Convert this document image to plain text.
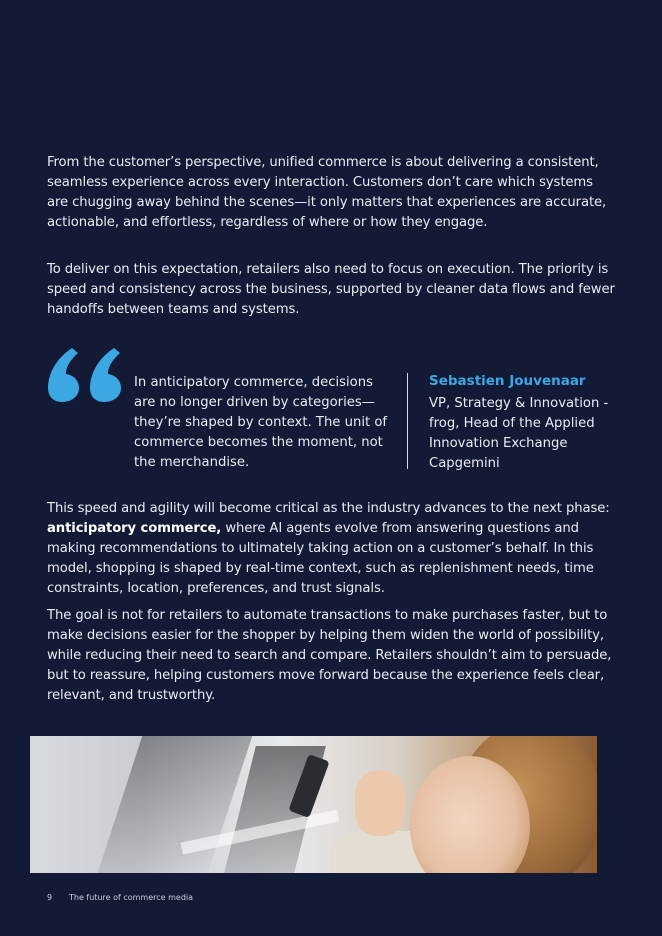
From the customer’s perspective, unified commerce is about delivering a consistent, seamless experience across every interaction. Customers don’t care which systems are chugging away behind the scenes—it only matters that experiences are accurate, actionable, and effortless, regardless of where or how they engage.

To deliver on this expectation, retailers also need to focus on execution. The priority is speed and consistency across the business, supported by cleaner data flows and fewer handoffs between teams and systems.

In anticipatory commerce, decisions are no longer driven by categories—they’re shaped by context. The unit of commerce becomes the moment, not the merchandise.

Sebastien Jouvenaar

VP, Strategy & Innovation - frog, Head of the Applied Innovation Exchange Capgemini

This speed and agility will become critical as the industry advances to the next phase: anticipatory commerce, where AI agents evolve from answering questions and making recommendations to ultimately taking action on a customer’s behalf. In this model, shopping is shaped by real-time context, such as replenishment needs, time constraints, location, preferences, and trust signals.

The goal is not for retailers to automate transactions to make purchases faster, but to make decisions easier for the shopper by helping them widen the world of possibility, while reducing their need to search and compare. Retailers shouldn’t aim to persuade, but to reassure, helping customers move forward because the experience feels clear, relevant, and trustworthy.

9 The future of commerce media
